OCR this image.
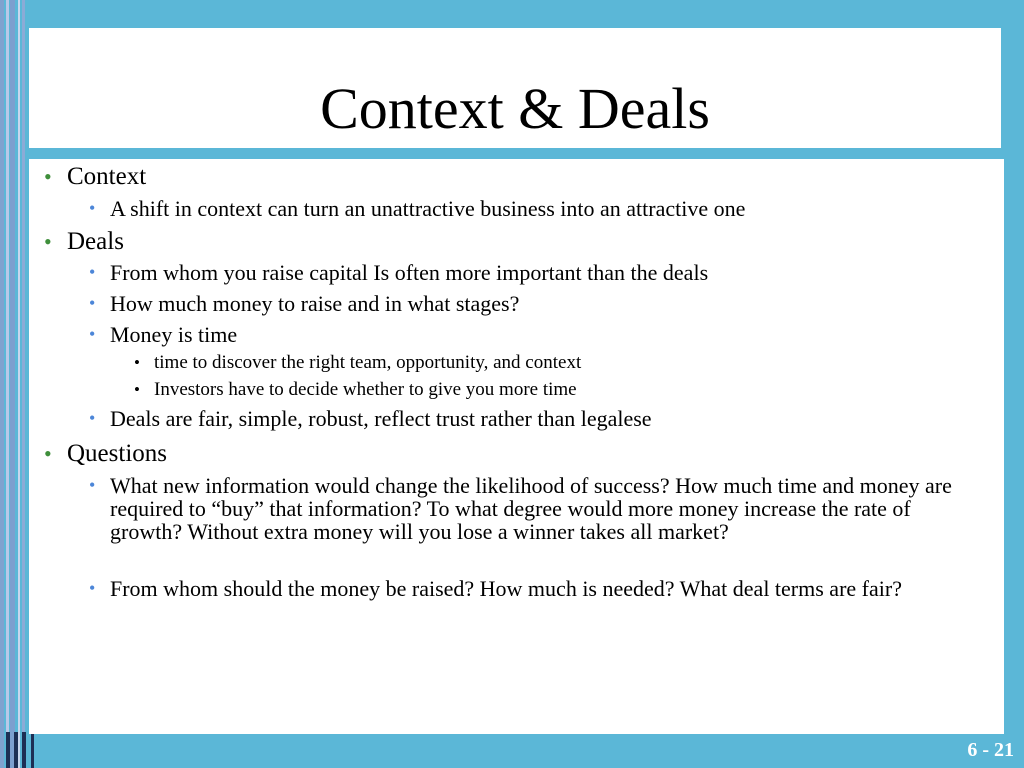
Context & Deals
• Context
• A shift in context can turn an unattractive business into an attractive one
• Deals
• From whom you raise capital Is often more important than the deals
• How much money to raise and in what stages?
• Money is time
• time to discover the right team, opportunity, and context
• Investors have to decide whether to give you more time
• Deals are fair, simple, robust, reflect trust rather than legalese
• Questions
• What new information would change the likelihood of success? How much time and money are required to “buy” that information? To what degree would more money increase the rate of growth? Without extra money will you lose a winner takes all market?
• From whom should the money be raised? How much is needed? What deal terms are fair?
6 - 21
